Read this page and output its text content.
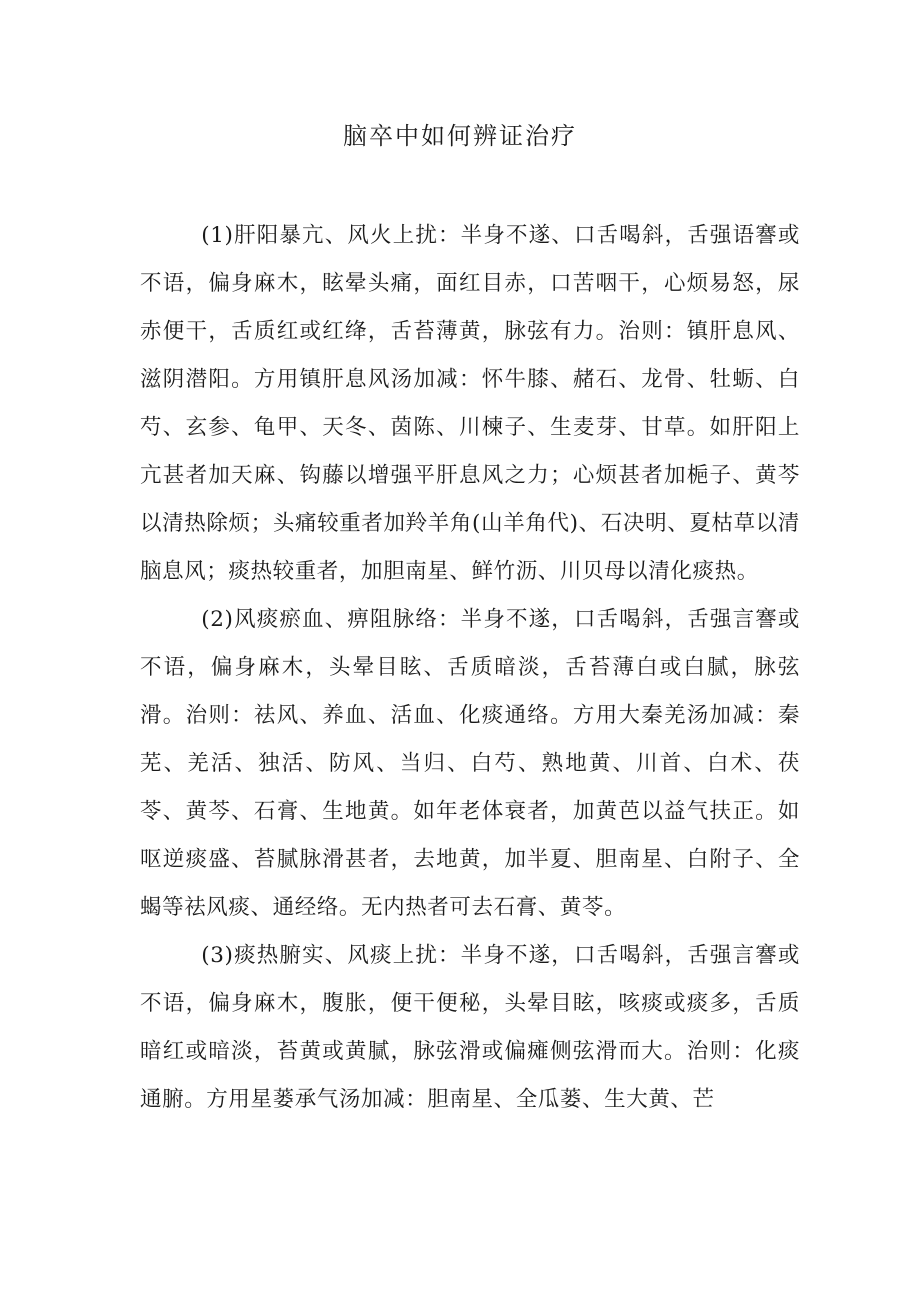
脑卒中如何辨证治疗

(1)肝阳暴亢、风火上扰：半身不遂、口舌喝斜，舌强语謇或不语，偏身麻木，眩晕头痛，面红目赤，口苦咽干，心烦易怒，尿赤便干，舌质红或红绛，舌苔薄黄，脉弦有力。治则：镇肝息风、滋阴潜阳。方用镇肝息风汤加减：怀牛膝、赭石、龙骨、牡蛎、白芍、玄参、龟甲、天冬、茵陈、川楝子、生麦芽、甘草。如肝阳上亢甚者加天麻、钩藤以增强平肝息风之力；心烦甚者加梔子、黄芩以清热除烦；头痛较重者加羚羊角(山羊角代)、石决明、夏枯草以清脑息风；痰热较重者，加胆南星、鲜竹沥、川贝母以清化痰热。

(2)风痰瘀血、痹阻脉络：半身不遂，口舌喝斜，舌强言謇或不语，偏身麻木，头晕目眩、舌质暗淡，舌苔薄白或白腻，脉弦滑。治则：祛风、养血、活血、化痰通络。方用大秦羌汤加减：秦芜、羌活、独活、防风、当归、白芍、熟地黄、川首、白术、茯苓、黄芩、石膏、生地黄。如年老体衰者，加黄芭以益气扶正。如呕逆痰盛、苔腻脉滑甚者，去地黄，加半夏、胆南星、白附子、全蝎等祛风痰、通经络。无内热者可去石膏、黄苓。

(3)痰热腑实、风痰上扰：半身不遂，口舌喝斜，舌强言謇或不语，偏身麻木，腹胀，便干便秘，头晕目眩，咳痰或痰多，舌质暗红或暗淡，苔黄或黄腻，脉弦滑或偏瘫侧弦滑而大。治则：化痰通腑。方用星蒌承气汤加减：胆南星、全瓜蒌、生大黄、芒
